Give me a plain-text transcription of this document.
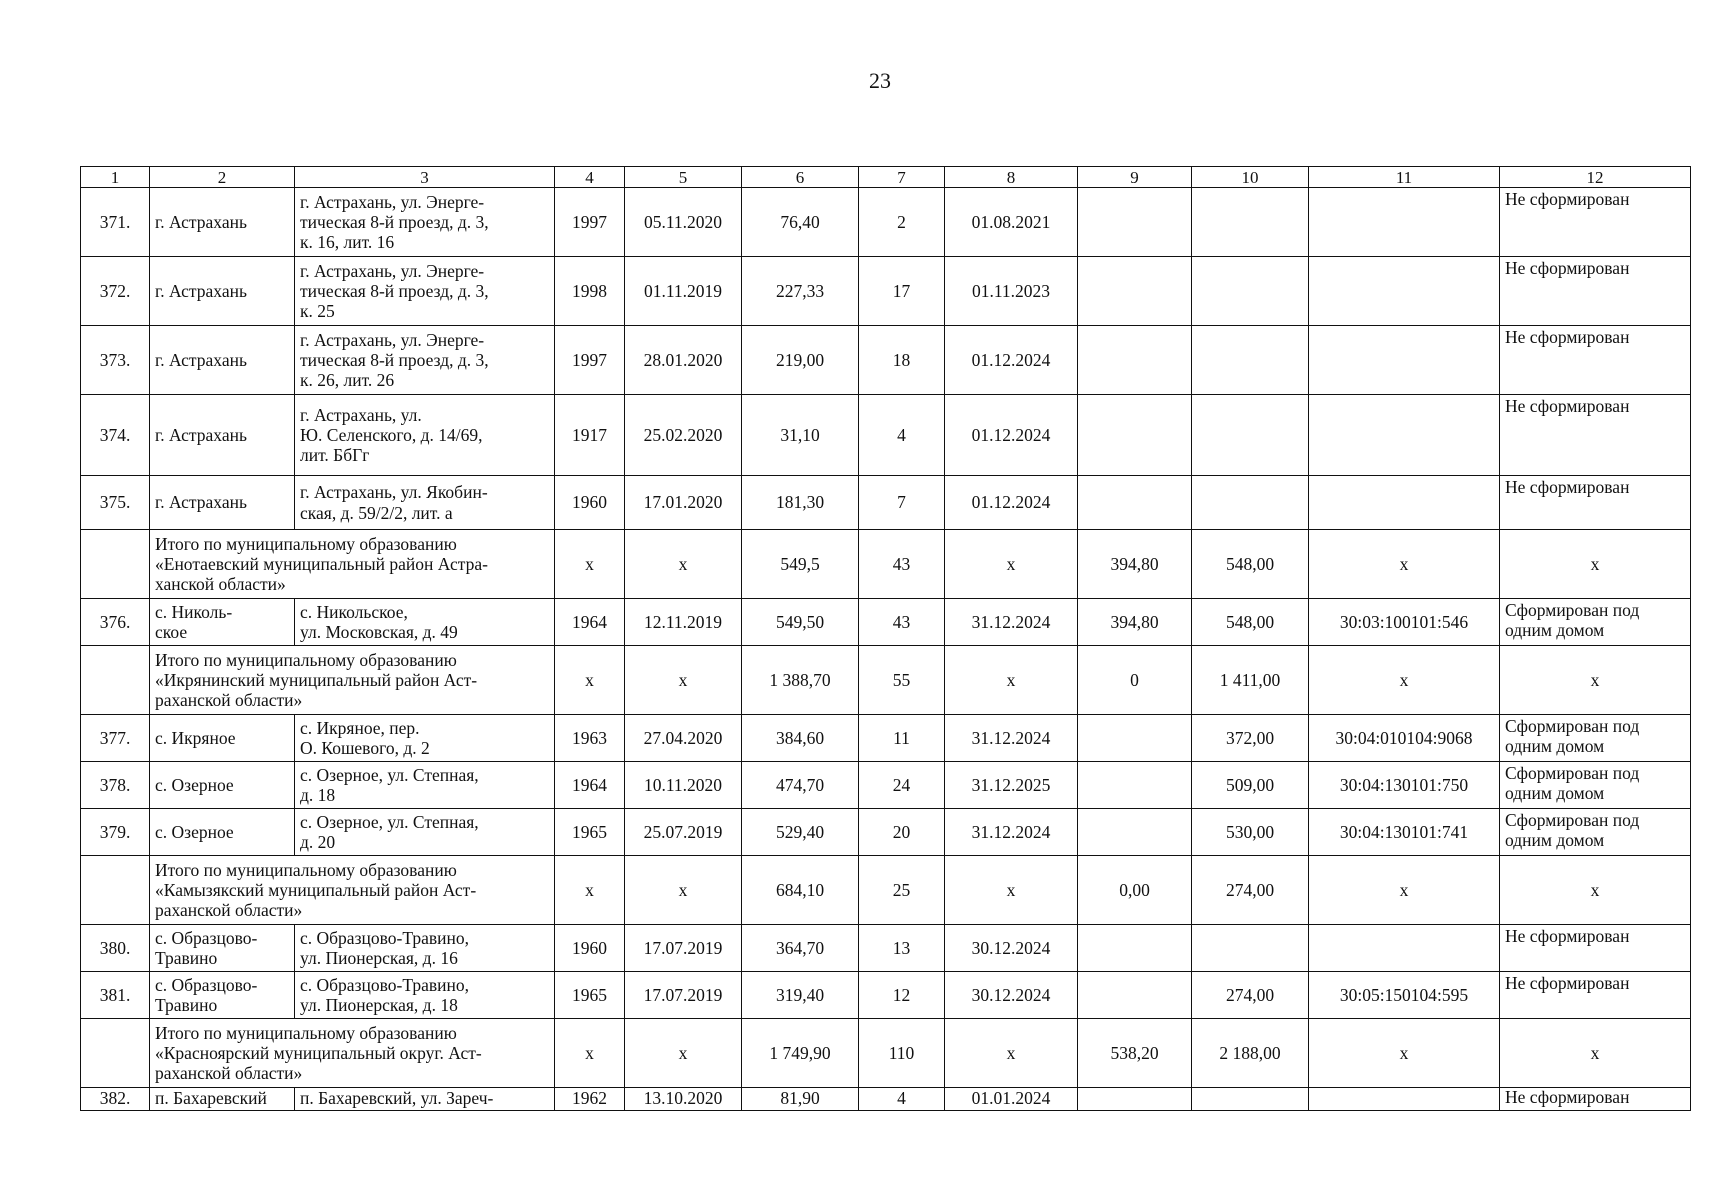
23
1	2	3	4	5	6	7	8	9	10	11	12
371.	г. Астрахань	г. Астрахань, ул. Энерге-
тическая 8-й проезд, д. 3,
к. 16, лит. 16	1997	05.11.2020	76,40	2	01.08.2021				Не сформирован
372.	г. Астрахань	г. Астрахань, ул. Энерге-
тическая 8-й проезд, д. 3,
к. 25	1998	01.11.2019	227,33	17	01.11.2023				Не сформирован
373.	г. Астрахань	г. Астрахань, ул. Энерге-
тическая 8-й проезд, д. 3,
к. 26, лит. 26	1997	28.01.2020	219,00	18	01.12.2024				Не сформирован
374.	г. Астрахань	г. Астрахань, ул.
Ю. Селенского, д. 14/69,
лит. БбГг	1917	25.02.2020	31,10	4	01.12.2024				Не сформирован
375.	г. Астрахань	г. Астрахань, ул. Якобин-
ская, д. 59/2/2, лит. а	1960	17.01.2020	181,30	7	01.12.2024				Не сформирован
	Итого по муниципальному образованию
«Енотаевский муниципальный район Астра-
ханской области»		x	x	549,5	43	x	394,80	548,00	x	x
376.	с. Николь-
ское	с. Никольское,
ул. Московская, д. 49	1964	12.11.2019	549,50	43	31.12.2024	394,80	548,00	30:03:100101:546	Сформирован под
одним домом
	Итого по муниципальному образованию
«Икрянинский муниципальный район Аст-
раханской области»		x	x	1 388,70	55	x	0	1 411,00	x	x
377.	с. Икряное	с. Икряное, пер.
О. Кошевого, д. 2	1963	27.04.2020	384,60	11	31.12.2024		372,00	30:04:010104:9068	Сформирован под
одним домом
378.	с. Озерное	с. Озерное, ул. Степная,
д. 18	1964	10.11.2020	474,70	24	31.12.2025		509,00	30:04:130101:750	Сформирован под
одним домом
379.	с. Озерное	с. Озерное, ул. Степная,
д. 20	1965	25.07.2019	529,40	20	31.12.2024		530,00	30:04:130101:741	Сформирован под
одним домом
	Итого по муниципальному образованию
«Камызякский муниципальный район Аст-
раханской области»		x	x	684,10	25	x	0,00	274,00	x	x
380.	с. Образцово-
Травино	с. Образцово-Травино,
ул. Пионерская, д. 16	1960	17.07.2019	364,70	13	30.12.2024				Не сформирован
381.	с. Образцово-
Травино	с. Образцово-Травино,
ул. Пионерская, д. 18	1965	17.07.2019	319,40	12	30.12.2024		274,00	30:05:150104:595	Не сформирован
	Итого по муниципальному образованию
«Красноярский муниципальный округ. Аст-
раханской области»		x	x	1 749,90	110	x	538,20	2 188,00	x	x
382.	п. Бахаревский	п. Бахаревский, ул. Зареч-	1962	13.10.2020	81,90	4	01.01.2024				Не сформирован
